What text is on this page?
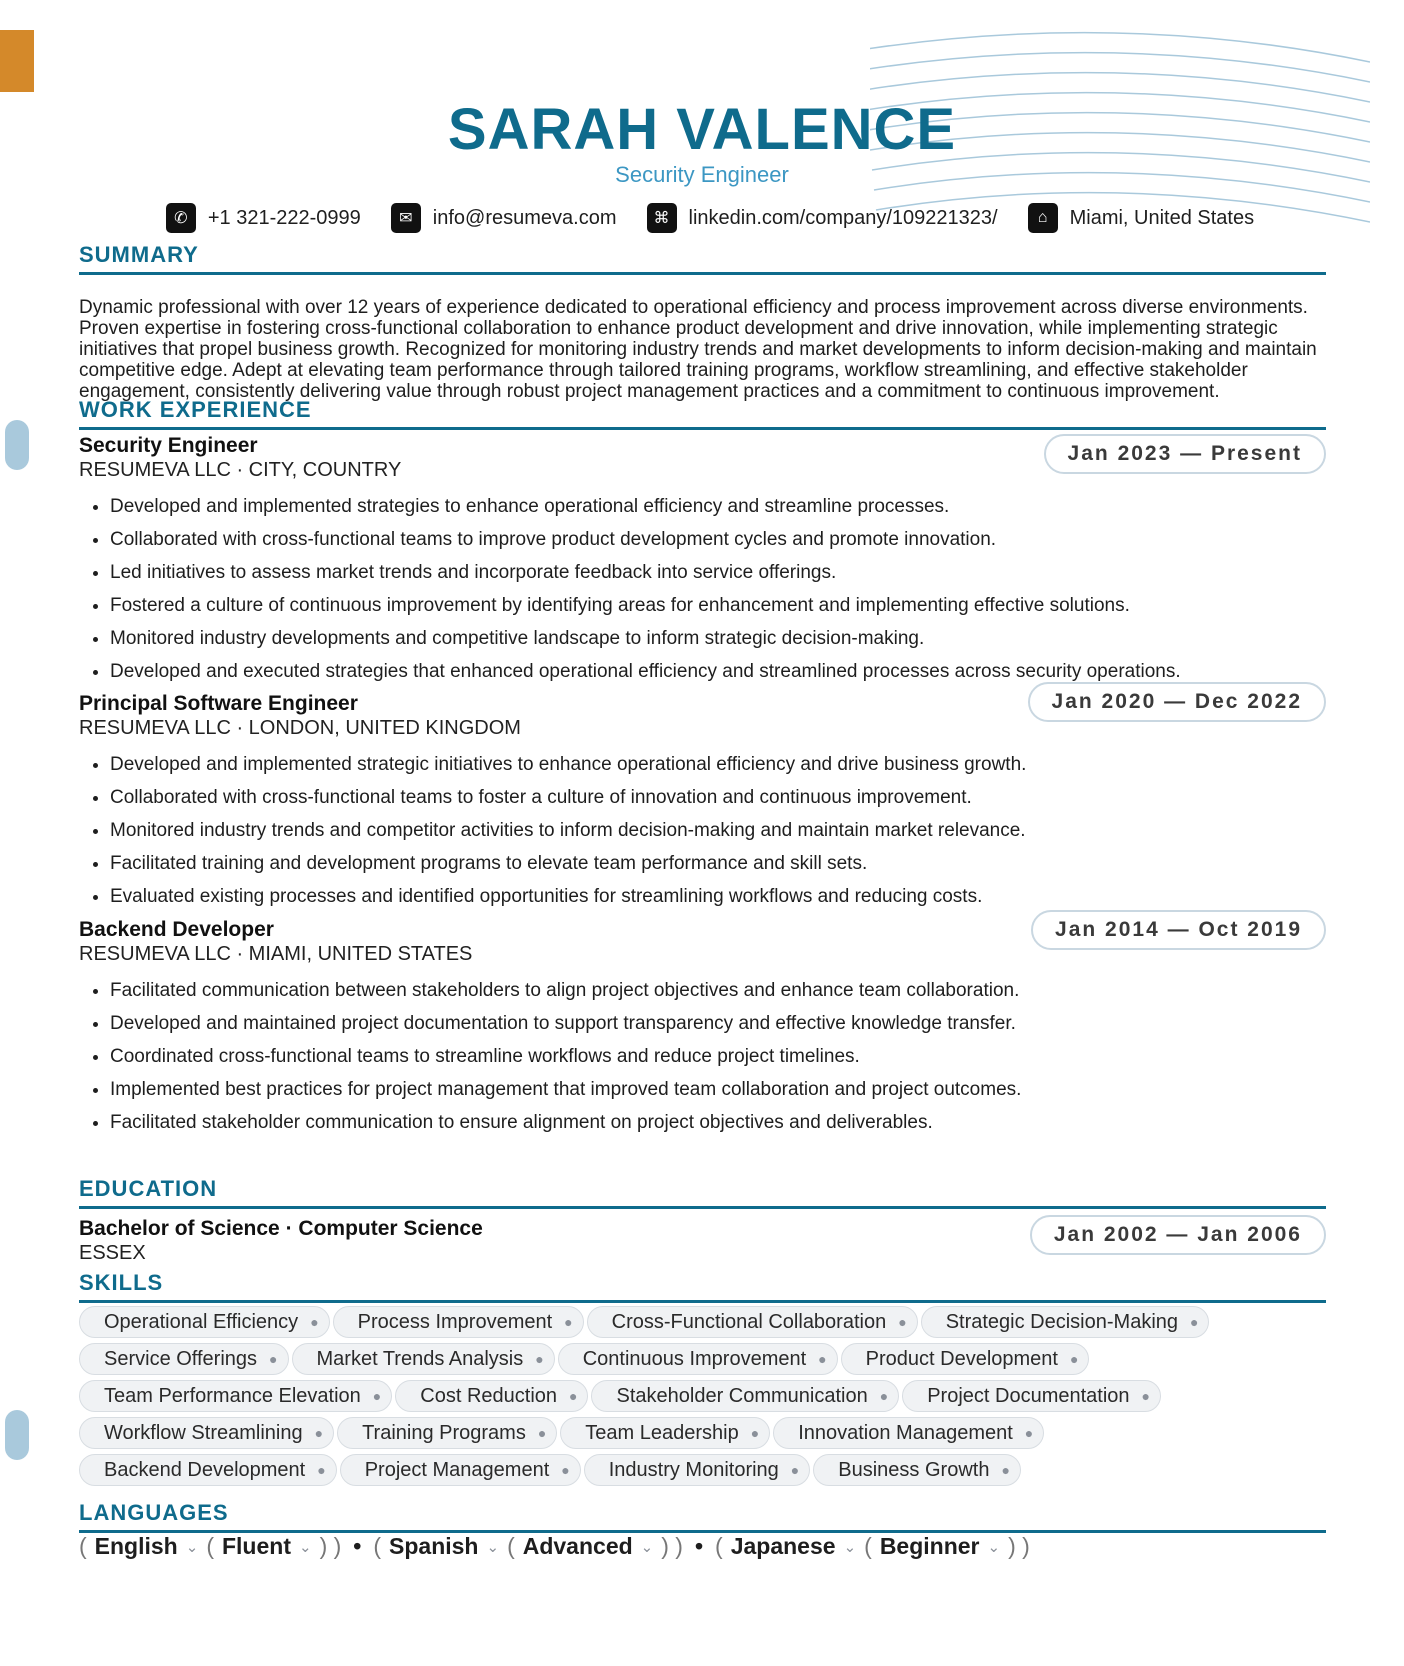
SARAH VALENCE
Security Engineer
✆	+1 321-222-0999	✉	info@resumeva.com	⌘ linkedin.com/company/109221323/	⌂	Miami, United States
SUMMARY
Dynamic professional with over 12 years of experience dedicated to operational efficiency and process improvement across diverse environments. Proven expertise in fostering cross-functional collaboration to enhance product development and drive innovation, while implementing strategic initiatives that propel business growth. Recognized for monitoring industry trends and market developments to inform decision-making and maintain competitive edge. Adept at elevating team performance through tailored training programs, workflow streamlining, and effective stakeholder engagement, consistently delivering value through robust project management practices and a commitment to continuous improvement.
WORK EXPERIENCE
Security Engineer
RESUMEVA LLC · CITY, COUNTRY
Jan 2023 — Present
• Developed and implemented strategies to enhance operational efficiency and streamline processes.
• Collaborated with cross-functional teams to improve product development cycles and promote innovation.
• Led initiatives to assess market trends and incorporate feedback into service offerings.
• Fostered a culture of continuous improvement by identifying areas for enhancement and implementing effective solutions.
• Monitored industry developments and competitive landscape to inform strategic decision-making.
• Developed and executed strategies that enhanced operational efficiency and streamlined processes across security operations.
Principal Software Engineer
RESUMEVA LLC · LONDON, UNITED KINGDOM
Jan 2020 — Dec 2022
• Developed and implemented strategic initiatives to enhance operational efficiency and drive business growth.
• Collaborated with cross-functional teams to foster a culture of innovation and continuous improvement.
• Monitored industry trends and competitor activities to inform decision-making and maintain market relevance.
• Facilitated training and development programs to elevate team performance and skill sets.
• Evaluated existing processes and identified opportunities for streamlining workflows and reducing costs.
Backend Developer
RESUMEVA LLC · MIAMI, UNITED STATES
Jan 2014 — Oct 2019
• Facilitated communication between stakeholders to align project objectives and enhance team collaboration.
• Developed and maintained project documentation to support transparency and effective knowledge transfer.
• Coordinated cross-functional teams to streamline workflows and reduce project timelines.
• Implemented best practices for project management that improved team collaboration and project outcomes.
• Facilitated stakeholder communication to ensure alignment on project objectives and deliverables.
EDUCATION
Bachelor of Science · Computer Science
ESSEX
Jan 2002 — Jan 2006
SKILLS
Operational Efficiency ● Process Improvement ● Cross-Functional Collaboration ● Strategic Decision-Making ●
Service Offerings ● Market Trends Analysis ● Continuous Improvement ● Product Development ●
Team Performance Elevation ● Cost Reduction ● Stakeholder Communication ● Project Documentation ●
Workflow Streamlining ● Training Programs ● Team Leadership ● Innovation Management ●
Backend Development ● Project Management ● Industry Monitoring ● Business Growth ●
LANGUAGES
( English ⌄ ( Fluent ⌄ ) ) • ( Spanish ⌄ ( Advanced ⌄ ) ) • ( Japanese ⌄ ( Beginner ⌄ ) )
